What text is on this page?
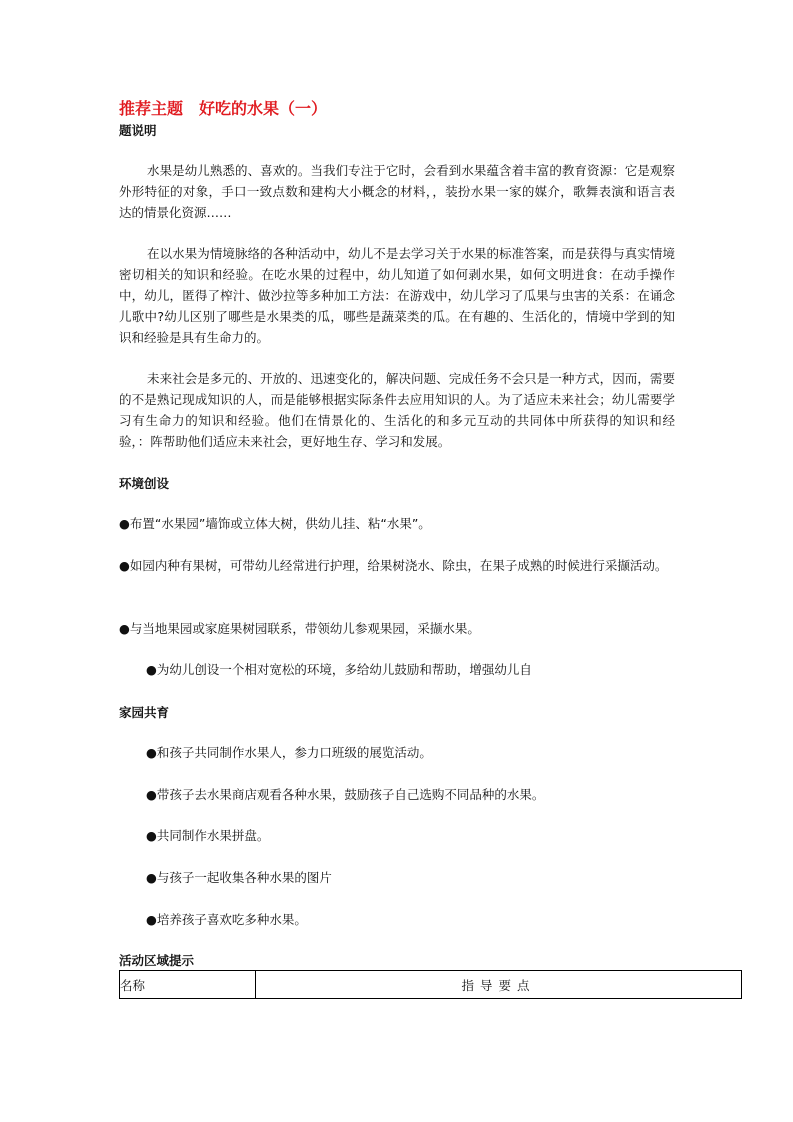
推荐主题　好吃的水果（一）
题说明

水果是幼儿熟悉的、喜欢的。当我们专注于它时，会看到水果蕴含着丰富的教育资源：它是观察外形特征的对象，手口一致点数和建构大小概念的材料，，装扮水果一家的媒介，歌舞表演和语言表达的情景化资源……

在以水果为情境脉络的各种活动中，幼儿不是去学习关于水果的标准答案，而是获得与真实情境密切相关的知识和经验。在吃水果的过程中，幼儿知道了如何剥水果，如何文明进食：在动手操作中，幼儿，匿得了榨汁、做沙拉等多种加工方法：在游戏中，幼儿学习了瓜果与虫害的关系：在诵念儿歌中?幼儿区别了哪些是水果类的瓜，哪些是蔬菜类的瓜。在有趣的、生活化的，情境中学到的知识和经验是具有生命力的。

未来社会是多元的、开放的、迅速变化的，解决问题、完成任务不会只是一种方式，因而，需要的不是熟记现成知识的人，而是能够根据实际条件去应用知识的人。为了适应未来社会；幼儿需要学习有生命力的知识和经验。他们在情景化的、生活化的和多元互动的共同体中所获得的知识和经验，：阵帮助他们适应未来社会，更好地生存、学习和发展。

环境创设

●布置“水果园”墙饰或立体大树，供幼儿挂、粘“水果”。

●如园内种有果树，可带幼儿经常进行护理，给果树浇水、除虫，在果子成熟的时候进行采撷活动。

●与当地果园或家庭果树园联系，带领幼儿参观果园，采撷水果。

●为幼儿创设一个相对宽松的环境，多给幼儿鼓励和帮助，增强幼儿自

家园共育

●和孩子共同制作水果人，参力口班级的展览活动。

●带孩子去水果商店观看各种水果，鼓励孩子自己选购不同品种的水果。

●共同制作水果拼盘。

●与孩子一起收集各种水果的图片

●培养孩子喜欢吃多种水果。

活动区域提示
名称	指导要点
